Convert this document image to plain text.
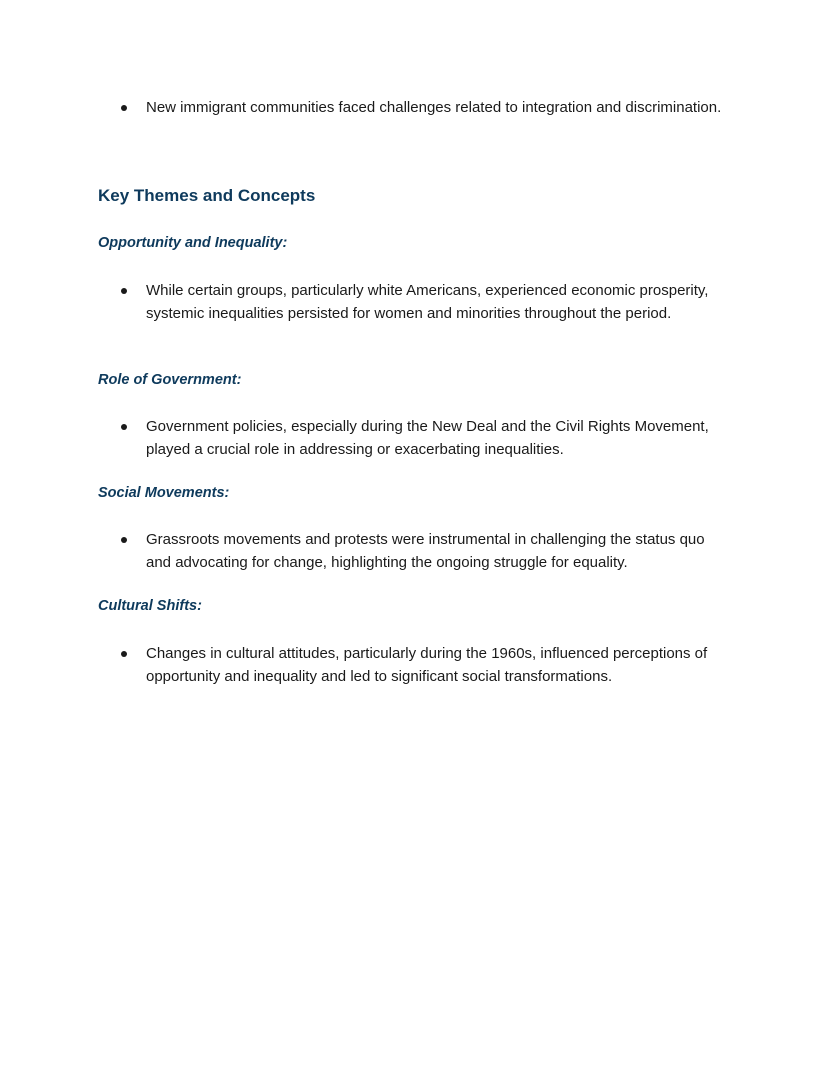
New immigrant communities faced challenges related to integration and discrimination.
Key Themes and Concepts
Opportunity and Inequality:
While certain groups, particularly white Americans, experienced economic prosperity, systemic inequalities persisted for women and minorities throughout the period.
Role of Government:
Government policies, especially during the New Deal and the Civil Rights Movement, played a crucial role in addressing or exacerbating inequalities.
Social Movements:
Grassroots movements and protests were instrumental in challenging the status quo and advocating for change, highlighting the ongoing struggle for equality.
Cultural Shifts:
Changes in cultural attitudes, particularly during the 1960s, influenced perceptions of opportunity and inequality and led to significant social transformations.
